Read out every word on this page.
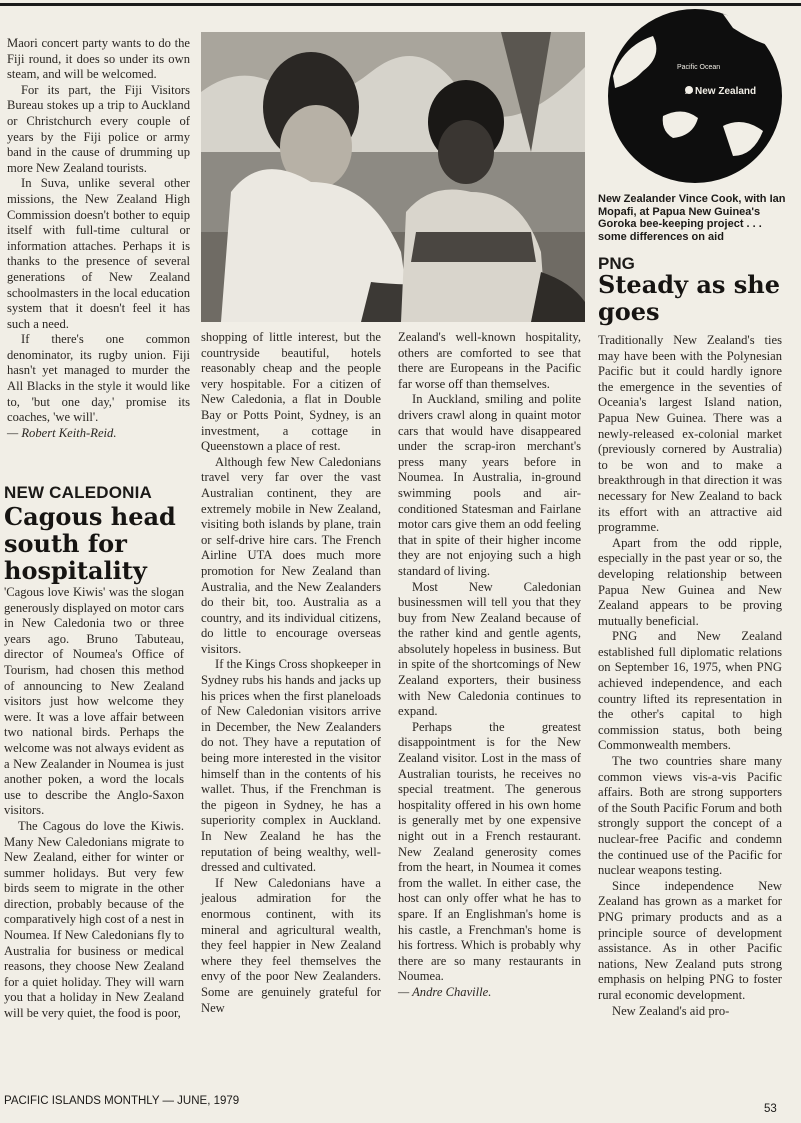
Maori concert party wants to do the Fiji round, it does so under its own steam, and will be welcomed.

For its part, the Fiji Visitors Bureau stokes up a trip to Auckland or Christchurch every couple of years by the Fiji police or army band in the cause of drumming up more New Zealand tourists.

In Suva, unlike several other missions, the New Zealand High Commission doesn't bother to equip itself with full-time cultural or information attaches. Perhaps it is thanks to the presence of several generations of New Zealand schoolmasters in the local education system that it doesn't feel it has such a need.

If there's one common denominator, its rugby union. Fiji hasn't yet managed to murder the All Blacks in the style it would like to, 'but one day,' promise its coaches, 'we will'.

— Robert Keith-Reid.

Pacific Ocean
New Zealand
New Zealander Vince Cook, with Ian Mopafi, at Papua New Guinea's Goroka bee-keeping project . . . some differences on aid
NEW CALEDONIA
Cagous head south for hospitality

'Cagous love Kiwis' was the slogan generously displayed on motor cars in New Caledonia two or three years ago. Bruno Tabuteau, director of Noumea's Office of Tourism, had chosen this method of announcing to New Zealand visitors just how welcome they were. It was a love affair between two national birds. Perhaps the welcome was not always evident as a New Zealander in Noumea is just another poken, a word the locals use to describe the Anglo-Saxon visitors.

The Cagous do love the Kiwis. Many New Caledonians migrate to New Zealand, either for winter or summer holidays. But very few birds seem to migrate in the other direction, probably because of the comparatively high cost of a nest in Noumea. If New Caledonians fly to Australia for business or medical reasons, they choose New Zealand for a quiet holiday. They will warn you that a holiday in New Zealand will be very quiet, the food is poor,

shopping of little interest, but the countryside beautiful, hotels reasonably cheap and the people very hospitable. For a citizen of New Caledonia, a flat in Double Bay or Potts Point, Sydney, is an investment, a cottage in Queenstown a place of rest.

Although few New Caledonians travel very far over the vast Australian continent, they are extremely mobile in New Zealand, visiting both islands by plane, train or self-drive hire cars. The French Airline UTA does much more promotion for New Zealand than Australia, and the New Zealanders do their bit, too. Australia as a country, and its individual citizens, do little to encourage overseas visitors.

If the Kings Cross shopkeeper in Sydney rubs his hands and jacks up his prices when the first planeloads of New Caledonian visitors arrive in December, the New Zealanders do not. They have a reputation of being more interested in the visitor himself than in the contents of his wallet. Thus, if the Frenchman is the pigeon in Sydney, he has a superiority complex in Auckland. In New Zealand he has the reputation of being wealthy, well-dressed and cultivated.

If New Caledonians have a jealous admiration for the enormous continent, with its mineral and agricultural wealth, they feel happier in New Zealand where they feel themselves the envy of the poor New Zealanders. Some are genuinely grateful for New

Zealand's well-known hospitality, others are comforted to see that there are Europeans in the Pacific far worse off than themselves.

In Auckland, smiling and polite drivers crawl along in quaint motor cars that would have disappeared under the scrap-iron merchant's press many years before in Noumea. In Australia, in-ground swimming pools and air-conditioned Statesman and Fairlane motor cars give them an odd feeling that in spite of their higher income they are not enjoying such a high standard of living.

Most New Caledonian businessmen will tell you that they buy from New Zealand because of the rather kind and gentle agents, absolutely hopeless in business. But in spite of the shortcomings of New Zealand exporters, their business with New Caledonia continues to expand.

Perhaps the greatest disappointment is for the New Zealand visitor. Lost in the mass of Australian tourists, he receives no special treatment. The generous hospitality offered in his own home is generally met by one expensive night out in a French restaurant. New Zealand generosity comes from the heart, in Noumea it comes from the wallet. In either case, the host can only offer what he has to spare. If an Englishman's home is his castle, a Frenchman's home is his fortress. Which is probably why there are so many restaurants in Noumea.

— Andre Chaville.

PNG
Steady as she goes

Traditionally New Zealand's ties may have been with the Polynesian Pacific but it could hardly ignore the emergence in the seventies of Oceania's largest Island nation, Papua New Guinea. There was a newly-released ex-colonial market (previously cornered by Australia) to be won and to make a breakthrough in that direction it was necessary for New Zealand to back its effort with an attractive aid programme.

Apart from the odd ripple, especially in the past year or so, the developing relationship between Papua New Guinea and New Zealand appears to be proving mutually beneficial.

PNG and New Zealand established full diplomatic relations on September 16, 1975, when PNG achieved independence, and each country lifted its representation in the other's capital to high commission status, both being Commonwealth members.

The two countries share many common views vis-a-vis Pacific affairs. Both are strong supporters of the South Pacific Forum and both strongly support the concept of a nuclear-free Pacific and condemn the continued use of the Pacific for nuclear weapons testing.

Since independence New Zealand has grown as a market for PNG primary products and as a principle source of development assistance. As in other Pacific nations, New Zealand puts strong emphasis on helping PNG to foster rural economic development.

New Zealand's aid pro-

PACIFIC ISLANDS MONTHLY — JUNE, 1979
53
